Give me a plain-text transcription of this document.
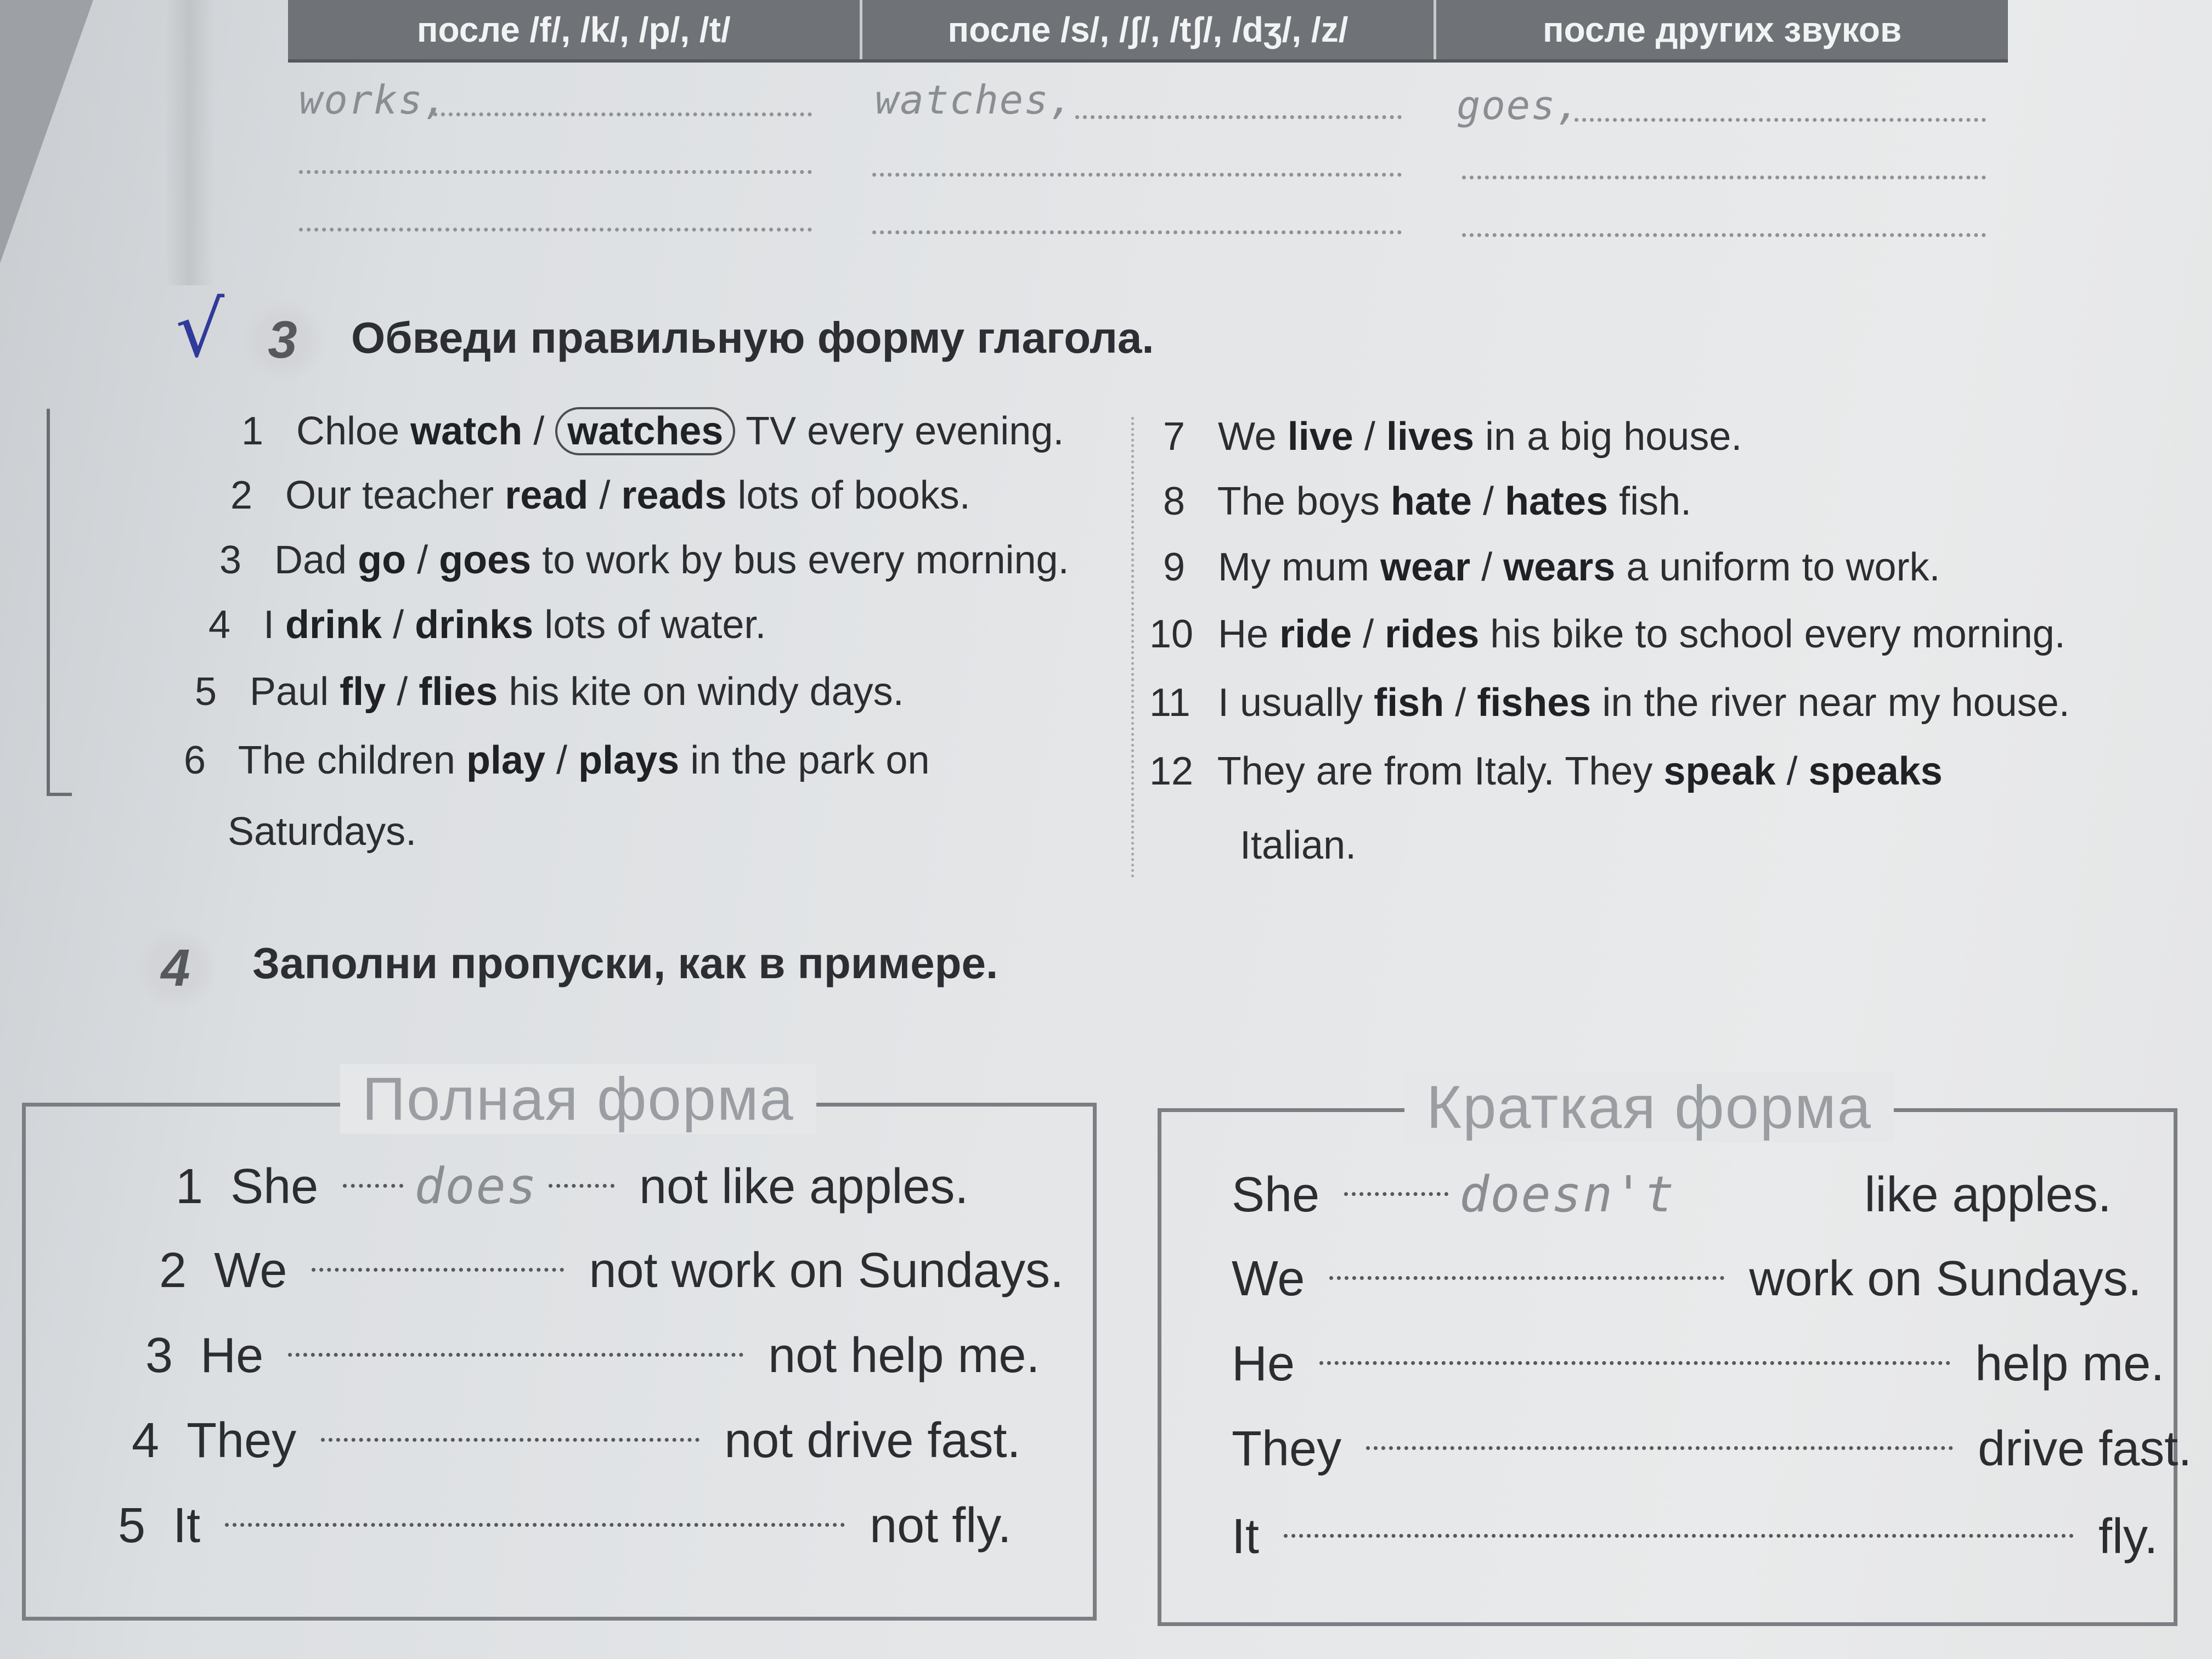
после /f/, /k/, /p/, /t/	после /s/, /ʃ/, /tʃ/, /dʒ/, /z/	после других звуков
works,	watches,	goes,
√ 3	Обведи правильную форму глагола.
1 Chloe watch / watches TV every evening.
2 Our teacher read / reads lots of books.
3 Dad go / goes to work by bus every morning.
4 I drink / drinks lots of water.
5 Paul fly / flies his kite on windy days.
6 The children play / plays in the park on
Saturdays.
7 We live / lives in a big house.
8 The boys hate / hates fish.
9 My mum wear / wears a uniform to work.
10 He ride / rides his bike to school every morning.
11 I usually fish / fishes in the river near my house.
12 They are from Italy. They speak / speaks
Italian.
4	Заполни пропуски, как в примере.
Полная форма
1 She does not like apples.
2 We	not work on Sundays.
3 He	not help me.
4 They	not drive fast.
5 It	not fly.
Краткая форма
She	doesn't	like apples.
We	work on Sundays.
He	help me.
They	drive fast.
It	fly.
